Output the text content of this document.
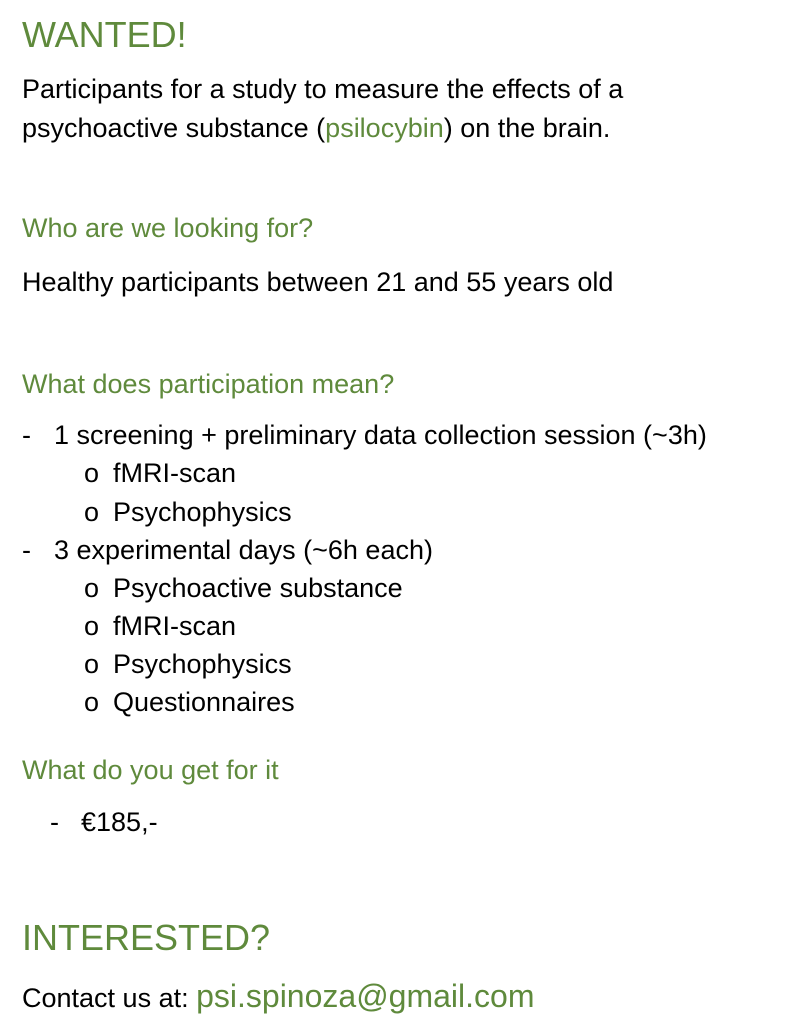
WANTED!
Participants for a study to measure the effects of a
psychoactive substance (psilocybin) on the brain.
Who are we looking for?
Healthy participants between 21 and 55 years old
What does participation mean?
- 1 screening + preliminary data collection session (~3h)
o fMRI-scan
o Psychophysics
- 3 experimental days (~6h each)
o Psychoactive substance
o fMRI-scan
o Psychophysics
o Questionnaires
What do you get for it
- €185,-
INTERESTED?
Contact us at: psi.spinoza@gmail.com
